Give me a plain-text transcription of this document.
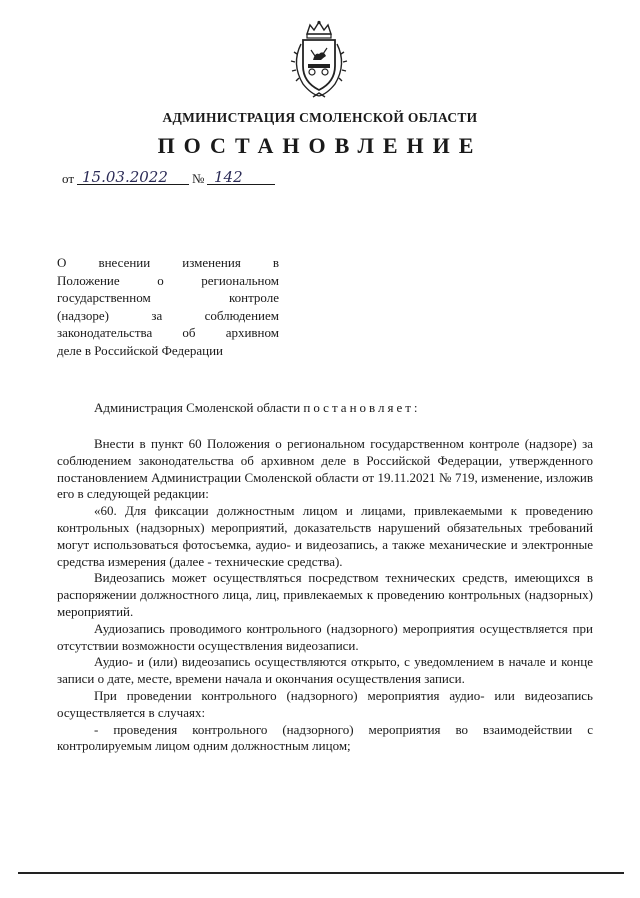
АДМИНИСТРАЦИЯ СМОЛЕНСКОЙ ОБЛАСТИ
ПОСТАНОВЛЕНИЕ
от 15.03.2022 № 142

О внесении изменения в

Положение о региональном

государственном контроле

(надзоре) за соблюдением

законодательства об архивном

деле в Российской Федерации

Администрация Смоленской области постановляет:

Внести в пункт 60 Положения о региональном государственном контроле (надзоре) за соблюдением законодательства об архивном деле в Российской Федерации, утвержденного постановлением Администрации Смоленской области от 19.11.2021 № 719, изменение, изложив его в следующей редакции:

«60. Для фиксации должностным лицом и лицами, привлекаемыми к проведению контрольных (надзорных) мероприятий, доказательств нарушений обязательных требований могут использоваться фотосъемка, аудио- и видеозапись, а также механические и электронные средства измерения (далее - технические средства).

Видеозапись может осуществляться посредством технических средств, имеющихся в распоряжении должностного лица, лиц, привлекаемых к проведению контрольных (надзорных) мероприятий.

Аудиозапись проводимого контрольного (надзорного) мероприятия осуществляется при отсутствии возможности осуществления видеозаписи.

Аудио- и (или) видеозапись осуществляются открыто, с уведомлением в начале и конце записи о дате, месте, времени начала и окончания осуществления записи.

При проведении контрольного (надзорного) мероприятия аудио- или видеозапись осуществляется в случаях:

- проведения контрольного (надзорного) мероприятия во взаимодействии с контролируемым лицом одним должностным лицом;
